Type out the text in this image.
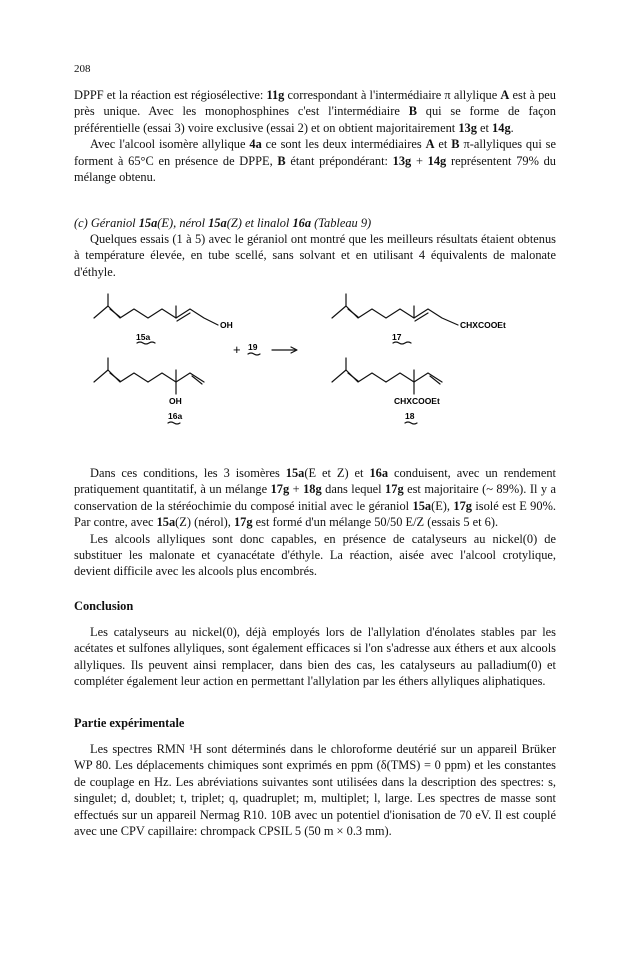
208

DPPF et la réaction est régiosélective: 11g correspondant à l'intermédiaire π allylique A est à peu près unique. Avec les monophosphines c'est l'intermédiaire B qui se forme de façon préférentielle (essai 3) voire exclusive (essai 2) et on obtient majoritairement 13g et 14g.

Avec l'alcool isomère allylique 4a ce sont les deux intermédiaires A et B π-allyliques qui se forment à 65°C en présence de DPPE, B étant prépondérant: 13g + 14g représentent 79% du mélange obtenu.

(c) Géraniol 15a(E), nérol 15a(Z) et linalol 16a (Tableau 9)

Quelques essais (1 à 5) avec le géraniol ont montré que les meilleurs résultats étaient obtenus à température élevée, en tube scellé, sans solvant et en utilisant 4 équivalents de malonate d'éthyle.

OH
15a	17
CHXCOOEt
+ 19
OH
16a
CHXCOOEt
18

Dans ces conditions, les 3 isomères 15a(E et Z) et 16a conduisent, avec un rendement pratiquement quantitatif, à un mélange 17g + 18g dans lequel 17g est majoritaire (~ 89%). Il y a conservation de la stéréochimie du composé initial avec le géraniol 15a(E), 17g isolé est E 90%. Par contre, avec 15a(Z) (nérol), 17g est formé d'un mélange 50/50 E/Z (essais 5 et 6).

Les alcools allyliques sont donc capables, en présence de catalyseurs au nickel(0) de substituer les malonate et cyanacétate d'éthyle. La réaction, aisée avec l'alcool crotylique, devient difficile avec les alcools plus encombrés.

Conclusion

Les catalyseurs au nickel(0), déjà employés lors de l'allylation d'énolates stables par les acétates et sulfones allyliques, sont également efficaces si l'on s'adresse aux éthers et aux alcools allyliques. Ils peuvent ainsi remplacer, dans bien des cas, les catalyseurs au palladium(0) et compléter également leur action en permettant l'allylation par les éthers allyliques aliphatiques.

Partie expérimentale

Les spectres RMN ¹H sont déterminés dans le chloroforme deutérié sur un appareil Brüker WP 80. Les déplacements chimiques sont exprimés en ppm (δ(TMS) = 0 ppm) et les constantes de couplage en Hz. Les abréviations suivantes sont utilisées dans la description des spectres: s, singulet; d, doublet; t, triplet; q, quadruplet; m, multiplet; l, large. Les spectres de masse sont effectués sur un appareil Nermag R10. 10B avec un potentiel d'ionisation de 70 eV. Il est couplé avec une CPV capillaire: chrompack CPSIL 5 (50 m × 0.3 mm).
